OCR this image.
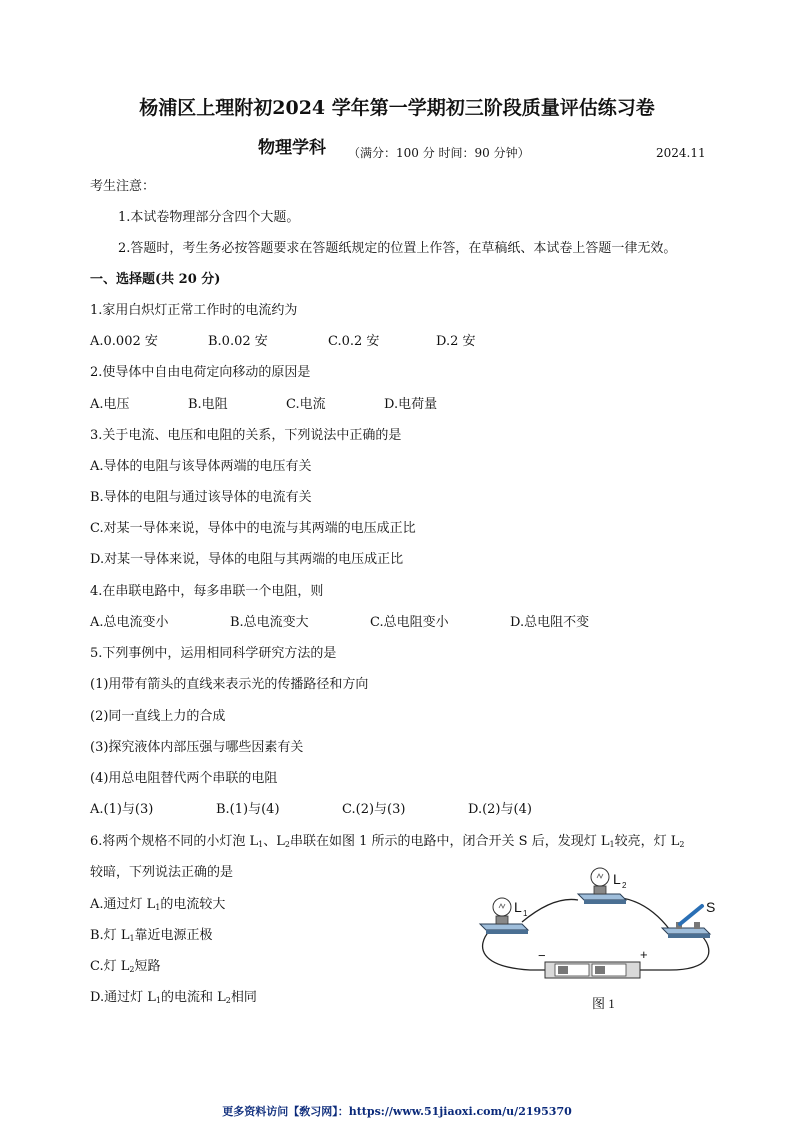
杨浦区上理附初2024 学年第一学期初三阶段质量评估练习卷
物理学科 （满分：100 分 时间：90 分钟）	2024.11
考生注意：
1.本试卷物理部分含四个大题。
2.答题时，考生务必按答题要求在答题纸规定的位置上作答，在草稿纸、本试卷上答题一律无效。
一、选择题(共 20 分)
1.家用白炽灯正常工作时的电流约为
A.0.002 安	B.0.02 安	C.0.2 安	D.2 安
2.使导体中自由电荷定向移动的原因是
A.电压	B.电阻	C.电流	D.电荷量
3.关于电流、电压和电阻的关系，下列说法中正确的是
A.导体的电阻与该导体两端的电压有关
B.导体的电阻与通过该导体的电流有关
C.对某一导体来说，导体中的电流与其两端的电压成正比
D.对某一导体来说，导体的电阻与其两端的电压成正比
4.在串联电路中，每多串联一个电阻，则
A.总电流变小	B.总电流变大	C.总电阻变小	D.总电阻不变
5.下列事例中，运用相同科学研究方法的是
(1)用带有箭头的直线来表示光的传播路径和方向
(2)同一直线上力的合成
(3)探究液体内部压强与哪些因素有关
(4)用总电阻替代两个串联的电阻
A.(1)与(3)	B.(1)与(4)	C.(2)与(3)	D.(2)与(4)
6.将两个规格不同的小灯泡 $L_1$、$L_2$串联在如图 1 所示的电路中，闭合开关 S 后，发现灯 $L_1$较亮，灯 $L_2$
较暗，下列说法正确的是
A.通过灯 $L_1$的电流较大
B.灯 $L_1$靠近电源正极
C.灯 $L_2$短路
D.通过灯 $L_1$的电流和 $L_2$相同
L 1
L 2
S
−	+
图 1
更多资料访问【敎习网】：https://www.51jiaoxi.com/u/2195370
